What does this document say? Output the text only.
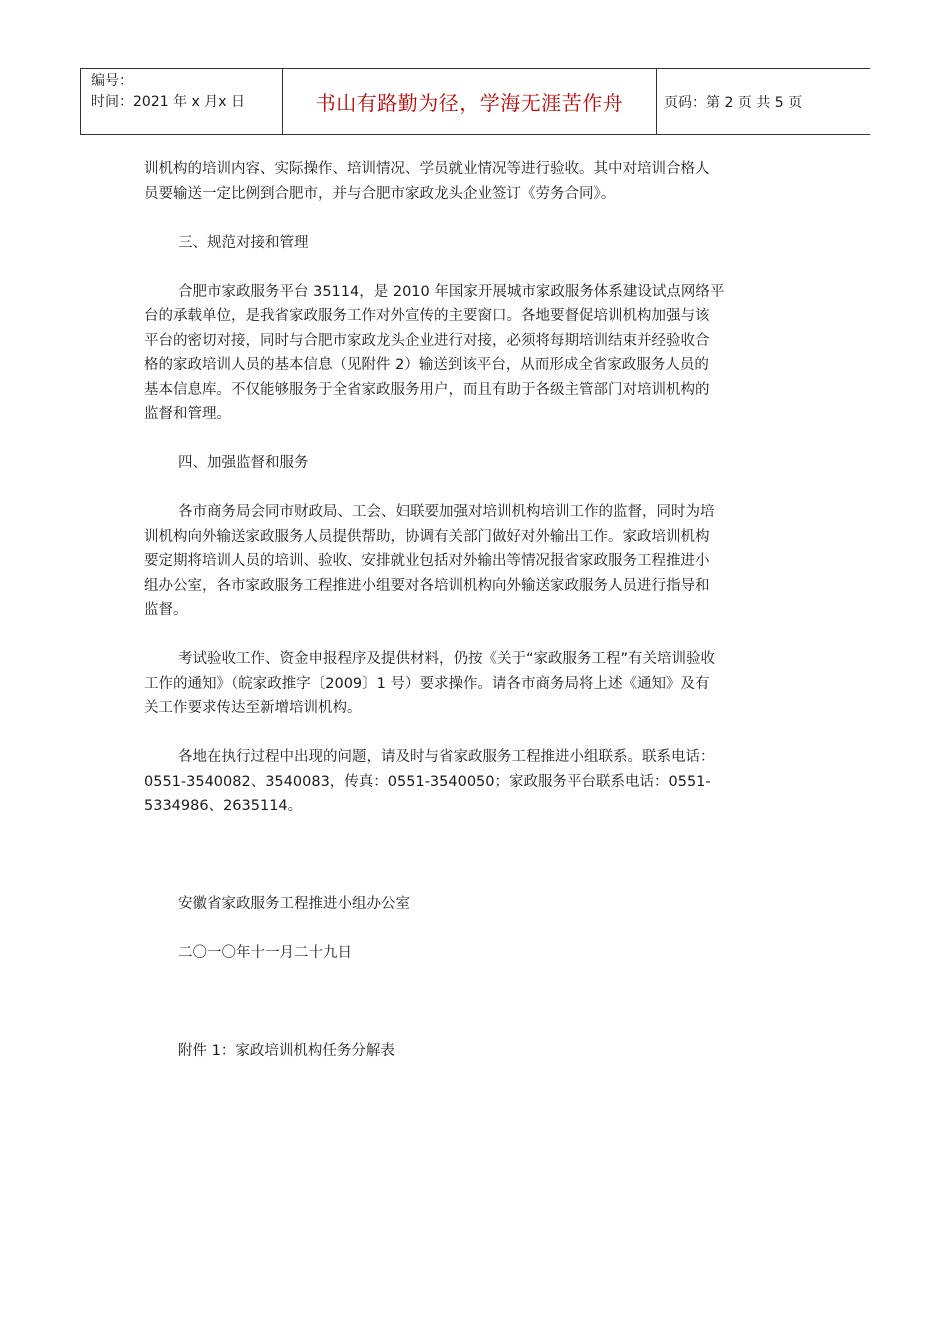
编号：
时间：2021 年 x 月x 日	书山有路勤为径，学海无涯苦作舟	页码：第 2 页 共 5 页

训机构的培训内容、实际操作、培训情况、学员就业情况等进行验收。其中对培训合格人
员要输送一定比例到合肥市，并与合肥市家政龙头企业签订《劳务合同》。

三、规范对接和管理

合肥市家政服务平台 35114，是 2010 年国家开展城市家政服务体系建设试点网络平
台的承载单位，是我省家政服务工作对外宣传的主要窗口。各地要督促培训机构加强与该
平台的密切对接，同时与合肥市家政龙头企业进行对接，必须将每期培训结束并经验收合
格的家政培训人员的基本信息（见附件 2）输送到该平台，从而形成全省家政服务人员的
基本信息库。不仅能够服务于全省家政服务用户，而且有助于各级主管部门对培训机构的
监督和管理。

四、加强监督和服务

各市商务局会同市财政局、工会、妇联要加强对培训机构培训工作的监督，同时为培
训机构向外输送家政服务人员提供帮助，协调有关部门做好对外输出工作。家政培训机构
要定期将培训人员的培训、验收、安排就业包括对外输出等情况报省家政服务工程推进小
组办公室，各市家政服务工程推进小组要对各培训机构向外输送家政服务人员进行指导和
监督。

考试验收工作、资金申报程序及提供材料，仍按《关于“家政服务工程”有关培训验收
工作的通知》（皖家政推字〔2009〕1 号）要求操作。请各市商务局将上述《通知》及有
关工作要求传达至新增培训机构。

各地在执行过程中出现的问题，请及时与省家政服务工程推进小组联系。联系电话：
0551-3540082、3540083，传真：0551-3540050；家政服务平台联系电话：0551-
5334986、2635114。

安徽省家政服务工程推进小组办公室

二〇一〇年十一月二十九日

附件 1：家政培训机构任务分解表
